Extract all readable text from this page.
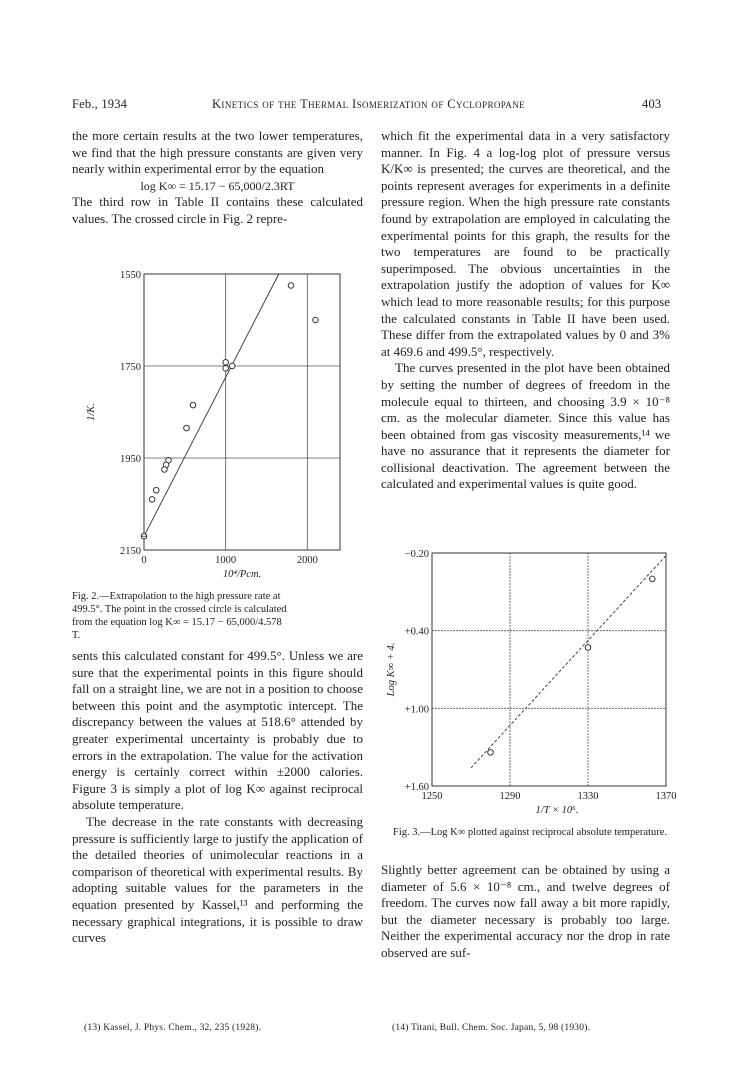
Feb., 1934	Kinetics of the Thermal Isomerization of Cyclopropane	403

the more certain results at the two lower temperatures, we find that the high pressure constants are given very nearly within experimental error by the equation

log K∞ = 15.17 − 65,000/2.3RT

The third row in Table II contains these calculated values. The crossed circle in Fig. 2 repre-

0	1000	2000
2150
1950
1750
1550
10⁴/Pcm.
1/K.
Fig. 2.—Extrapolation to the high pressure rate at 499.5°. The point in the crossed circle is calculated from the equation log K∞ = 15.17 − 65,000/4.578 T.

sents this calculated constant for 499.5°. Unless we are sure that the experimental points in this figure should fall on a straight line, we are not in a position to choose between this point and the asymptotic intercept. The discrepancy between the values at 518.6° attended by greater experimental uncertainty is probably due to errors in the extrapolation. The value for the activation energy is certainly correct within ±2000 calories. Figure 3 is simply a plot of log K∞ against reciprocal absolute temperature.

The decrease in the rate constants with decreasing pressure is sufficiently large to justify the application of the detailed theories of unimolecular reactions in a comparison of theoretical with experimental results. By adopting suitable values for the parameters in the equation presented by Kassel,¹³ and performing the necessary graphical integrations, it is possible to draw curves

(13) Kassel, J. Phys. Chem., 32, 235 (1928).

which fit the experimental data in a very satisfactory manner. In Fig. 4 a log-log plot of pressure versus K/K∞ is presented; the curves are theoretical, and the points represent averages for experiments in a definite pressure region. When the high pressure rate constants found by extrapolation are employed in calculating the experimental points for this graph, the results for the two temperatures are found to be practically superimposed. The obvious uncertainties in the extrapolation justify the adoption of values for K∞ which lead to more reasonable results; for this purpose the calculated constants in Table II have been used. These differ from the extrapolated values by 0 and 3% at 469.6 and 499.5°, respectively.

The curves presented in the plot have been obtained by setting the number of degrees of freedom in the molecule equal to thirteen, and choosing 3.9 × 10⁻⁸ cm. as the molecular diameter. Since this value has been obtained from gas viscosity measurements,¹⁴ we have no assurance that it represents the diameter for collisional deactivation. The agreement between the calculated and experimental values is quite good.

1250	1290	1330	1370
+1.60
+1.00
+0.40
−0.20
1/T × 10⁶.
Log K∞ + 4.
Fig. 3.—Log K∞ plotted against reciprocal absolute temperature.

Slightly better agreement can be obtained by using a diameter of 5.6 × 10⁻⁸ cm., and twelve degrees of freedom. The curves now fall away a bit more rapidly, but the diameter necessary is probably too large. Neither the experimental accuracy nor the drop in rate observed are suf-

(14) Titani, Bull. Chem. Soc. Japan, 5, 98 (1930).
